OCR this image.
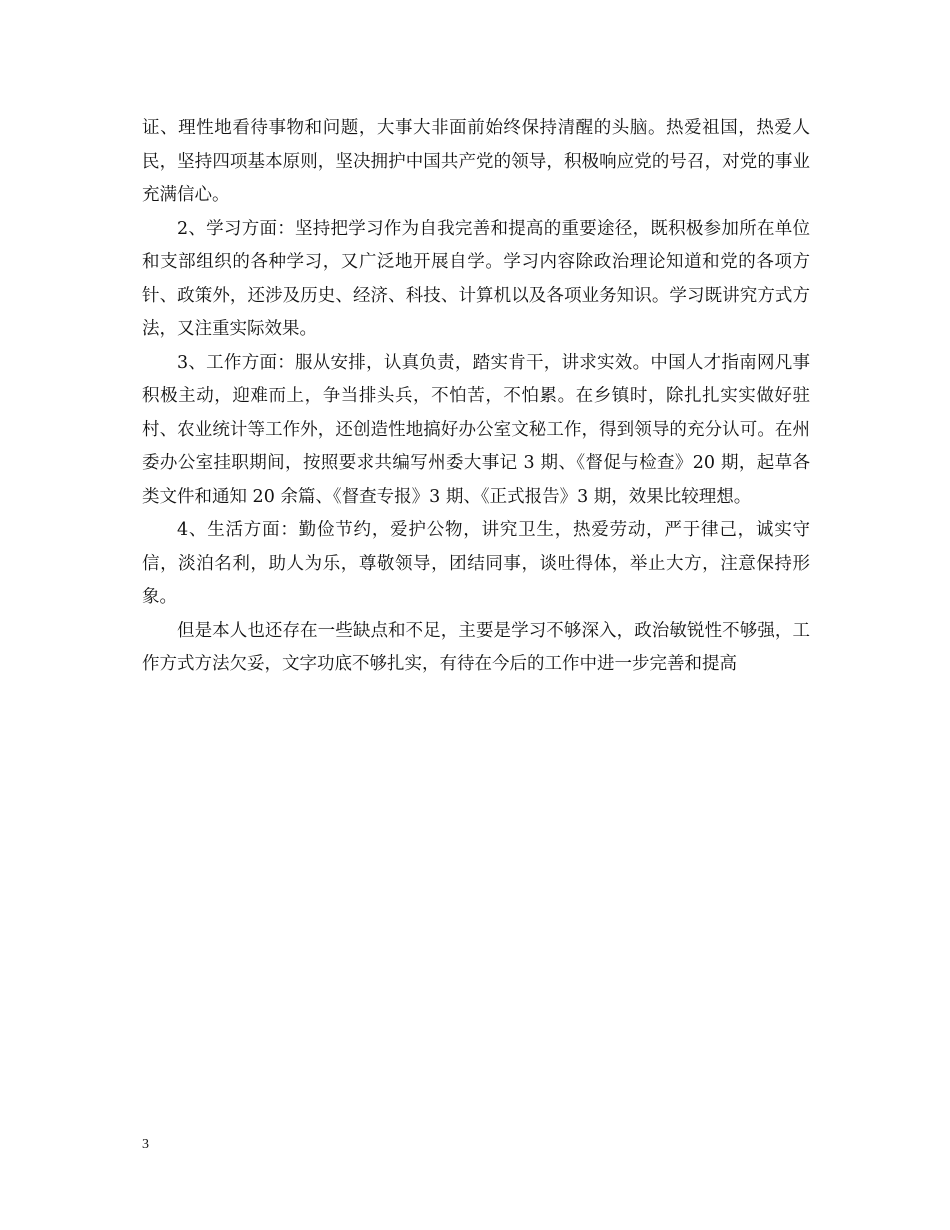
证、理性地看待事物和问题，大事大非面前始终保持清醒的头脑。热爱祖国，热爱人民，坚持四项基本原则，坚决拥护中国共产党的领导，积极响应党的号召，对党的事业充满信心。

2、学习方面：坚持把学习作为自我完善和提高的重要途径，既积极参加所在单位和支部组织的各种学习，又广泛地开展自学。学习内容除政治理论知道和党的各项方针、政策外，还涉及历史、经济、科技、计算机以及各项业务知识。学习既讲究方式方法，又注重实际效果。

3、工作方面：服从安排，认真负责，踏实肯干，讲求实效。中国人才指南网凡事积极主动，迎难而上，争当排头兵，不怕苦，不怕累。在乡镇时，除扎扎实实做好驻村、农业统计等工作外，还创造性地搞好办公室文秘工作，得到领导的充分认可。在州委办公室挂职期间，按照要求共编写州委大事记 3 期、《督促与检查》20 期，起草各类文件和通知 20 余篇、《督查专报》3 期、《正式报告》3 期，效果比较理想。

4、生活方面：勤俭节约，爱护公物，讲究卫生，热爱劳动，严于律己，诚实守信，淡泊名利，助人为乐，尊敬领导，团结同事，谈吐得体，举止大方，注意保持形象。

但是本人也还存在一些缺点和不足，主要是学习不够深入，政治敏锐性不够强，工作方式方法欠妥，文字功底不够扎实，有待在今后的工作中进一步完善和提高

3
